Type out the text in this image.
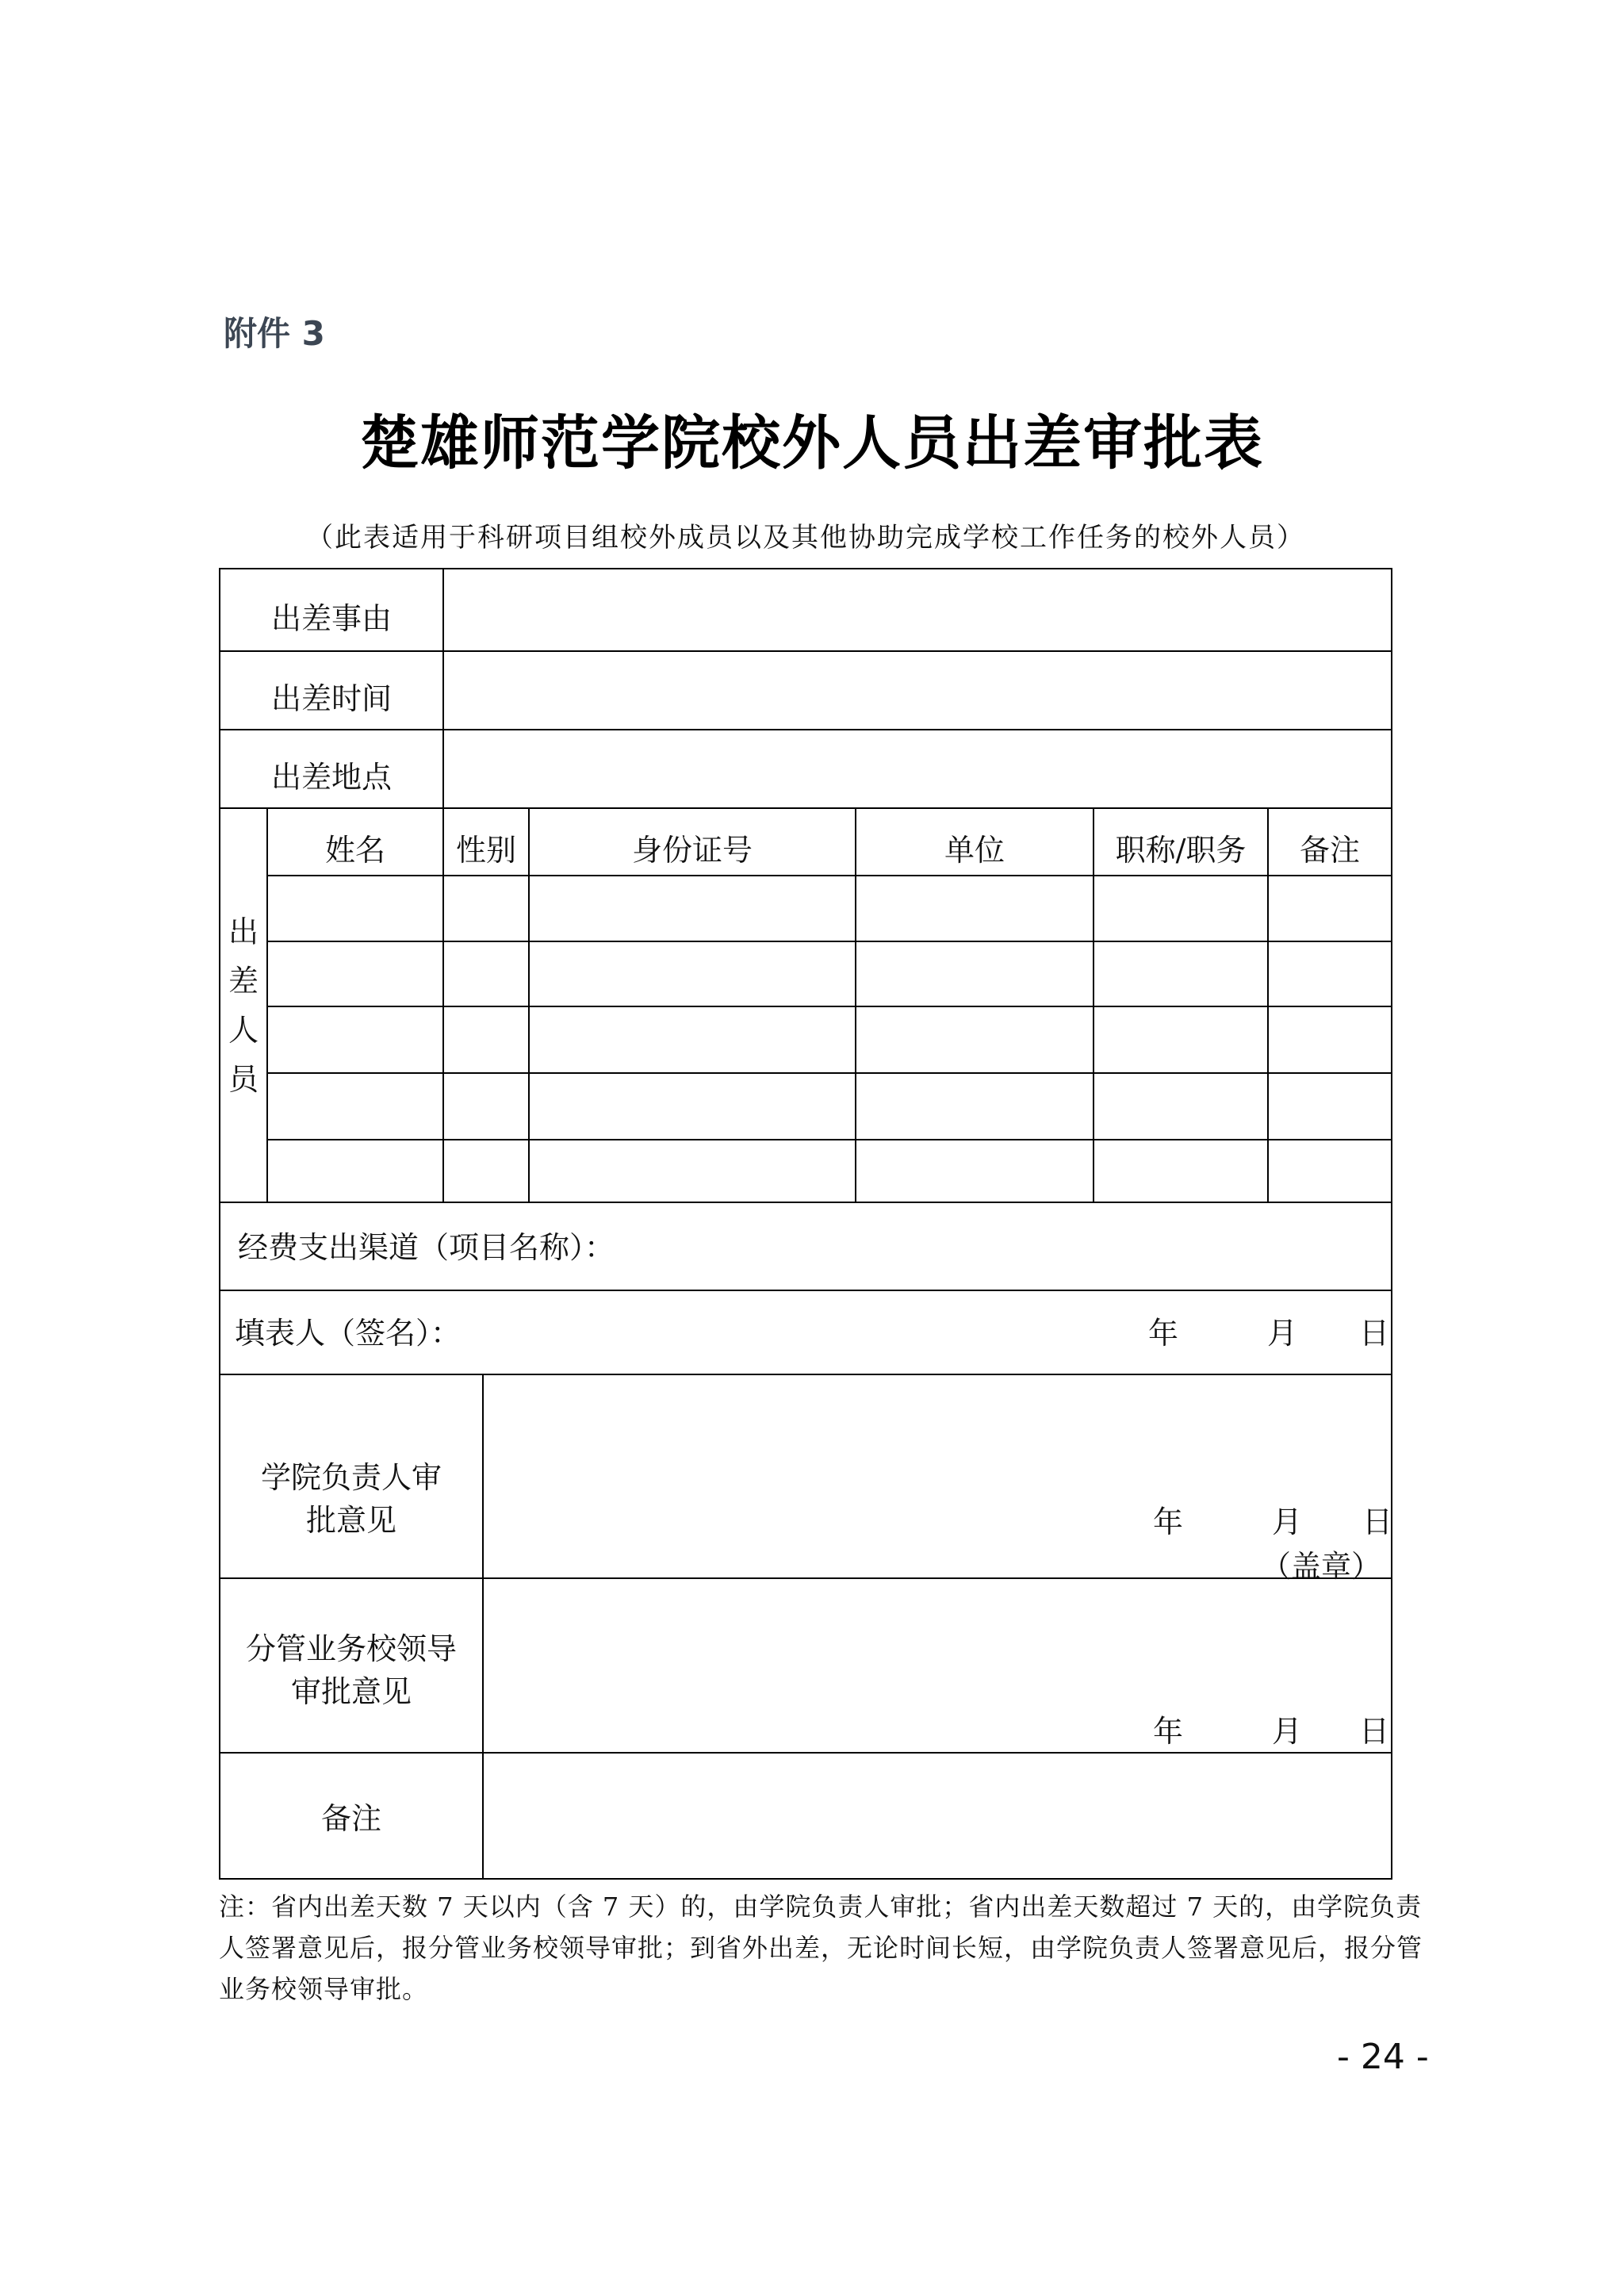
附件 3
楚雄师范学院校外人员出差审批表
（此表适用于科研项目组校外成员以及其他协助完成学校工作任务的校外人员）
出差事由
出差时间
出差地点
出
差
人
员
姓名	性别	身份证号	单位	职称/职务	备注
经费支出渠道（项目名称）：
填表人（签名）：	年	月 日
学院负责人审
批意见	年	月 日
（盖章）
分管业务校领导
审批意见
年	月 日
备注
注：省内出差天数 7 天以内（含 7 天）的，由学院负责人审批；省内出差天数超过 7 天的，由学院负责人签署意见后，报分管业务校领导审批；到省外出差，无论时间长短，由学院负责人签署意见后，报分管业务校领导审批。
- 24 -
